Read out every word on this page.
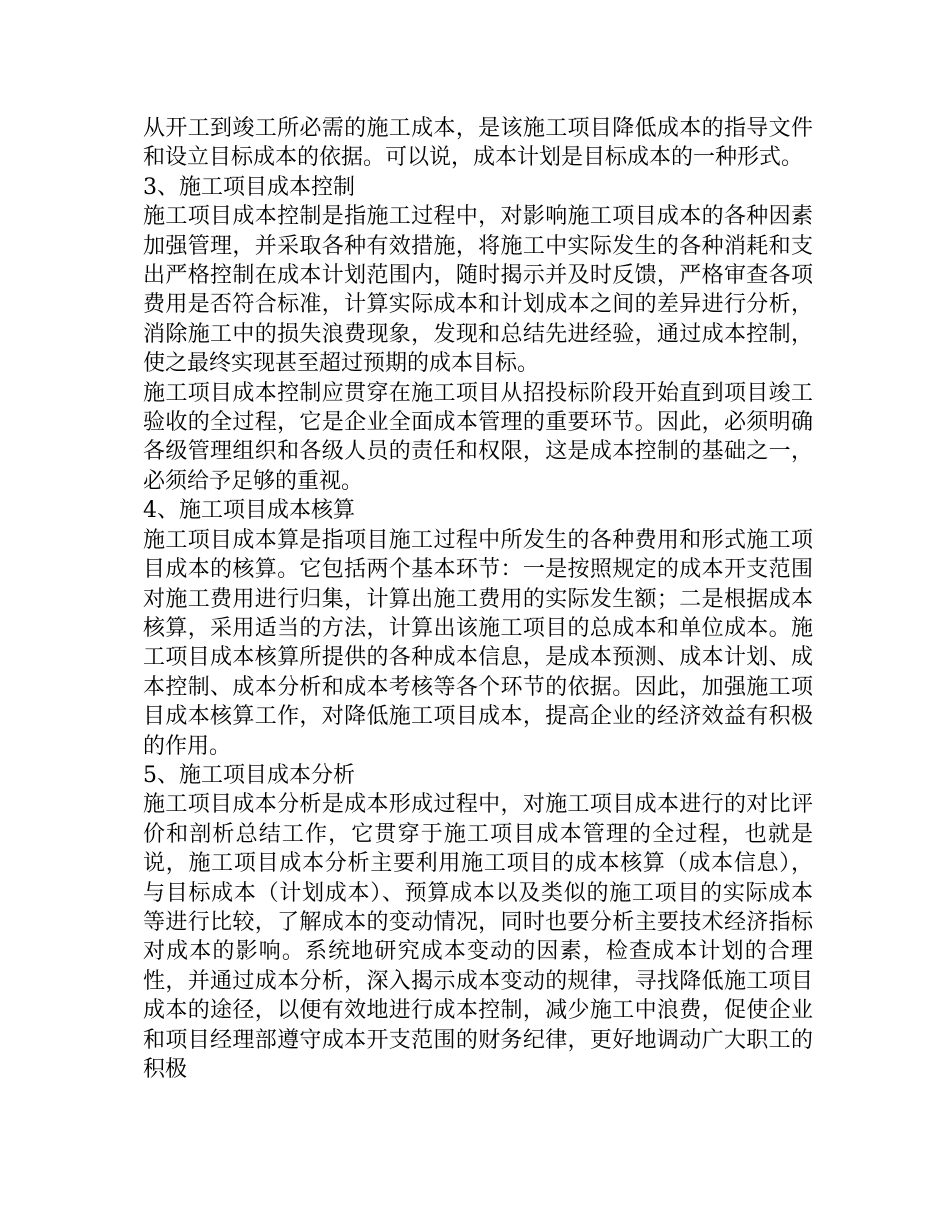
从开工到竣工所必需的施工成本，是该施工项目降低成本的指导文件和设立目标成本的依据。可以说，成本计划是目标成本的一种形式。

3、施工项目成本控制

施工项目成本控制是指施工过程中，对影响施工项目成本的各种因素加强管理，并采取各种有效措施，将施工中实际发生的各种消耗和支出严格控制在成本计划范围内，随时揭示并及时反馈，严格审查各项费用是否符合标准，计算实际成本和计划成本之间的差异进行分析，消除施工中的损失浪费现象，发现和总结先进经验，通过成本控制，使之最终实现甚至超过预期的成本目标。

施工项目成本控制应贯穿在施工项目从招投标阶段开始直到项目竣工验收的全过程，它是企业全面成本管理的重要环节。因此，必须明确各级管理组织和各级人员的责任和权限，这是成本控制的基础之一，必须给予足够的重视。

4、施工项目成本核算

施工项目成本算是指项目施工过程中所发生的各种费用和形式施工项目成本的核算。它包括两个基本环节：一是按照规定的成本开支范围对施工费用进行归集，计算出施工费用的实际发生额；二是根据成本核算，采用适当的方法，计算出该施工项目的总成本和单位成本。施工项目成本核算所提供的各种成本信息，是成本预测、成本计划、成本控制、成本分析和成本考核等各个环节的依据。因此，加强施工项目成本核算工作，对降低施工项目成本，提高企业的经济效益有积极的作用。

5、施工项目成本分析

施工项目成本分析是成本形成过程中，对施工项目成本进行的对比评价和剖析总结工作，它贯穿于施工项目成本管理的全过程，也就是说，施工项目成本分析主要利用施工项目的成本核算（成本信息），与目标成本（计划成本）、预算成本以及类似的施工项目的实际成本等进行比较，了解成本的变动情况，同时也要分析主要技术经济指标对成本的影响。系统地研究成本变动的因素，检查成本计划的合理性，并通过成本分析，深入揭示成本变动的规律，寻找降低施工项目成本的途径，以便有效地进行成本控制，减少施工中浪费，促使企业和项目经理部遵守成本开支范围的财务纪律，更好地调动广大职工的积极
